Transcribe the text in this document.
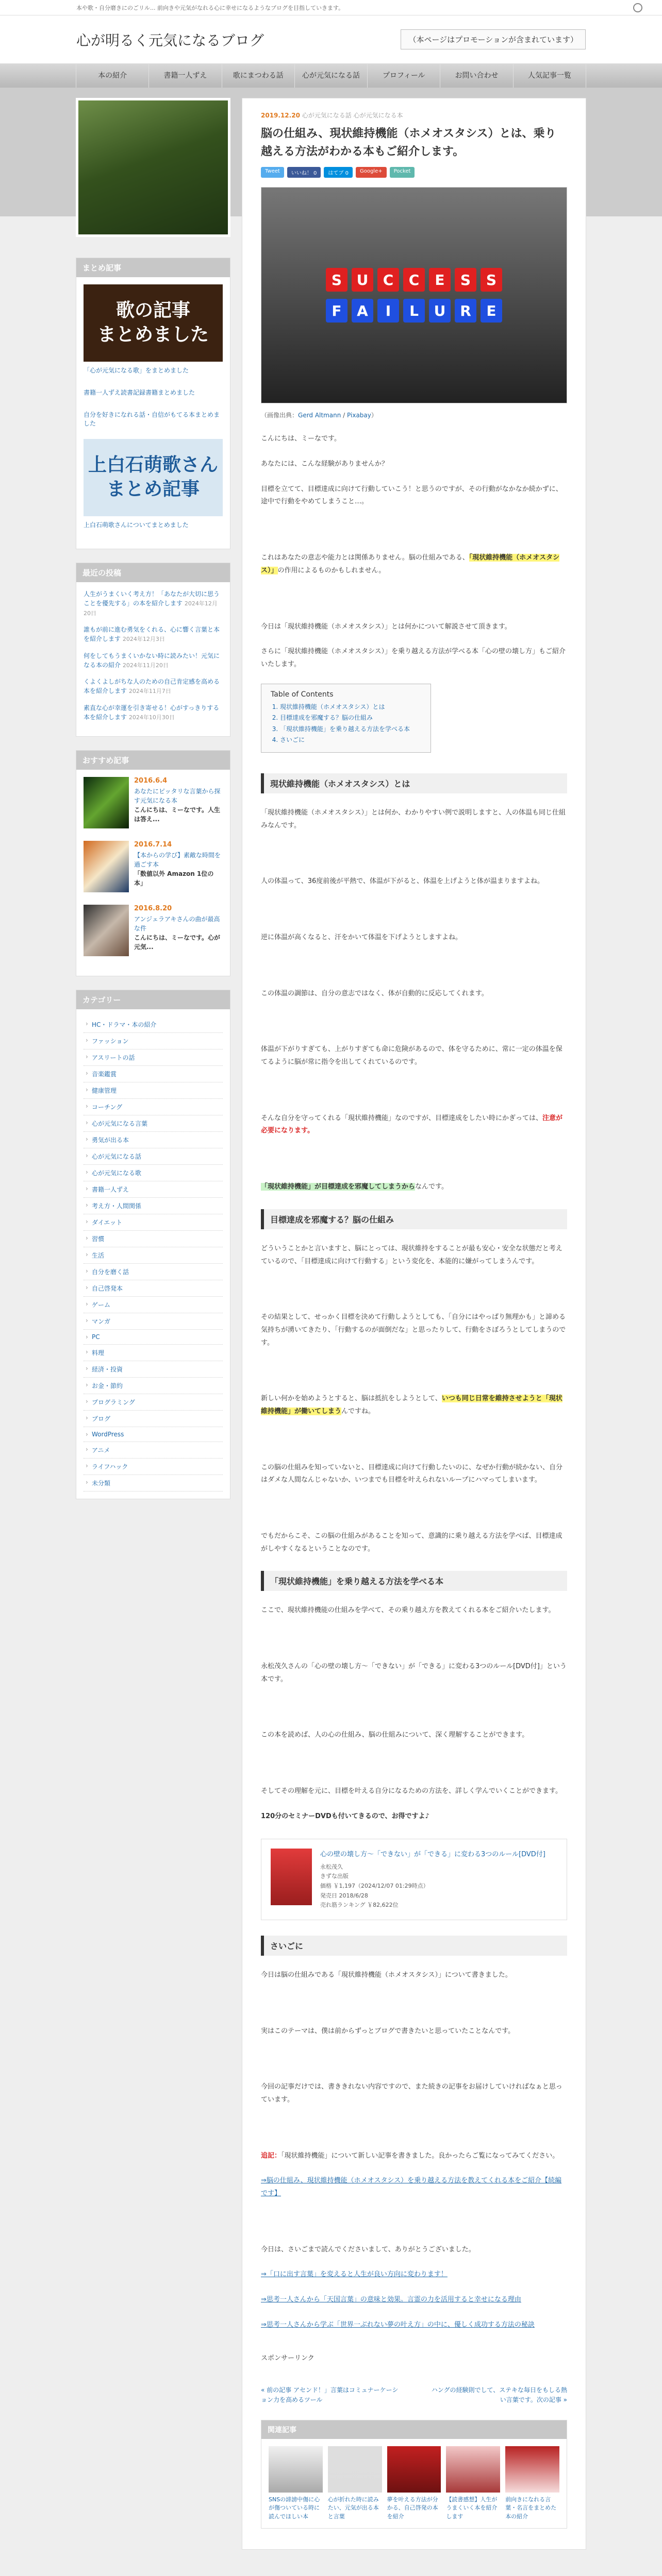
本や歌・自分磨きにのごリル... 前向きや元気がなれる心に幸せになるようなブログを目指していきます。
心が明るく元気になるブログ	（本ページはプロモーションが含まれています）
本の紹介	書籍一人ずえ	歌にまつわる話	心が元気になる話	プロフィール	お問い合わせ	人気記事一覧
まとめ記事
歌の記事
まとめました
「心が元気になる歌」をまとめました
書籍一人ずえ読書記録書籍まとめました
自分を好きになれる話・自信がもてる本まとめました
上白石萌歌さん
まとめ記事
上白石萌歌さんについてまとめました
最近の投稿
人生がうまくいく考え方！「あなたが大切に思うことを優先する」の本を紹介します 2024年12月20日
誰もが前に進む勇気をくれる、心に響く言葉と本を紹介します 2024年12月3日
何をしてもうまくいかない時に読みたい！元気になる本の紹介 2024年11月20日
くよくよしがちな人のための自己肯定感を高める本を紹介します 2024年11月7日
素直な心が幸運を引き寄せる！心がすっきりする本を紹介します 2024年10月30日
おすすめ記事
2016.6.4
あなたにピッタリな言葉から探す元気になる本
こんにちは、ミーなです。人生は答え...
2016.7.14
【本からの学び】素敵な時間を過ごす本
「数値以外 Amazon 1位の本」
2016.8.20
アンジェラアキさんの曲が最高な件
こんにちは、ミーなです。心が元気...
カテゴリー
› HC・ドラマ・本の紹介
› ファッション
› アスリートの話
› 音楽鑑賞
› 健康管理
› コーチング
› 心が元気になる言葉
› 勇気が出る本
› 心が元気になる話
› 心が元気になる歌
› 書籍一人ずえ
› 考え方・人間関係
› ダイエット
› 習慣
› 生活
› 自分を磨く話
› 自己啓発本
› ゲーム
› マンガ
› PC
› 料理
› 経済・投資
› お金・節約
› プログラミング
› ブログ
› WordPress
› アニメ
› ライフハック
› 未分類
2019.12.20 心が元気になる話 心が元気になる本
脳の仕組み、現状維持機能（ホメオスタシス）とは、乗り越える方法がわかる本もご紹介します。
Tweet	いいね！ 0	はてブ 0	Google+	Pocket
S	U	C	C	E	S	S
F	A	I	L	U R	E
（画像出典：Gerd Altmann / Pixabay）

こんにちは、ミーなです。

あなたには、こんな経験がありませんか？

目標を立てて、目標達成に向けて行動していこう！と思うのですが、その行動がなかなか続かずに、途中で行動をやめてしまうこと…。

これはあなたの意志や能力とは関係ありません。脳の仕組みである、「現状維持機能（ホメオスタシス）」の作用によるものかもしれません。

今日は「現状維持機能（ホメオスタシス）」とは何かについて解説させて頂きます。

さらに「現状維持機能（ホメオスタシス）」を乗り越える方法が学べる本「心の壁の壊し方」もご紹介いたします。

Table of Contents
1. 現状維持機能（ホメオスタシス）とは
2. 目標達成を邪魔する？脳の仕組み
3. 「現状維持機能」を乗り越える方法を学べる本
4. さいごに
現状維持機能（ホメオスタシス）とは

「現状維持機能（ホメオスタシス）」とは何か、わかりやすい例で説明しますと、人の体温も同じ仕組みなんです。

人の体温って、36度前後が平熱で、体温が下がると、体温を上げようと体が温まりますよね。

逆に体温が高くなると、汗をかいて体温を下げようとしますよね。

この体温の調節は、自分の意志ではなく、体が自動的に反応してくれます。

体温が下がりすぎても、上がりすぎても命に危険があるので、体を守るために、常に一定の体温を保てるように脳が常に指令を出してくれているのです。

そんな自分を守ってくれる「現状維持機能」なのですが、目標達成をしたい時にかぎっては、注意が必要になります。

「現状維持機能」が目標達成を邪魔してしまうからなんです。

目標達成を邪魔する？脳の仕組み

どういうことかと言いますと、脳にとっては、現状維持をすることが最も安心・安全な状態だと考えているので、「目標達成に向けて行動する」という変化を、本能的に嫌がってしまうんです。

その結果として、せっかく目標を決めて行動しようとしても、「自分にはやっぱり無理かも」と諦める気持ちが湧いてきたり、「行動するのが面倒だな」と思ったりして、行動をさぼろうとしてしまうのです。

新しい何かを始めようとすると、脳は抵抗をしようとして、いつも同じ日常を維持させようと「現状維持機能」が働いてしまうんですね。

この脳の仕組みを知っていないと、目標達成に向けて行動したいのに、なぜか行動が続かない、自分はダメな人間なんじゃないか、いつまでも目標を叶えられないループにハマってしまいます。

でもだからこそ、この脳の仕組みがあることを知って、意識的に乗り越える方法を学べば、目標達成がしやすくなるということなのです。

「現状維持機能」を乗り越える方法を学べる本

ここで、現状維持機能の仕組みを学べて、その乗り越え方を教えてくれる本をご紹介いたします。

永松茂久さんの「心の壁の壊し方〜「できない」が「できる」に変わる3つのルール[DVD付]」という本です。

この本を読めば、人の心の仕組み、脳の仕組みについて、深く理解することができます。

そしてその理解を元に、目標を叶える自分になるための方法を、詳しく学んでいくことができます。

120分のセミナーDVDも付いてきるので、お得ですよ♪

心の壁の壊し方〜「できない」が「できる」に変わる3つのルール[DVD付]
永松茂久
きずな出版
価格 ￥1,197（2024/12/07 01:29時点）
発売日 2018/6/28
売れ筋ランキング ￥82,622位
さいごに

今日は脳の仕組みである「現状維持機能（ホメオスタシス）」について書きました。

実はこのテーマは、僕は前からずっとブログで書きたいと思っていたことなんです。

今回の記事だけでは、書ききれない内容ですので、また続きの記事をお届けしていければなぁと思っています。

追記：「現状維持機能」について新しい記事を書きました。良かったらご覧になってみてください。

⇒脳の仕組み、現状維持機能（ホメオスタシス）を乗り越える方法を教えてくれる本をご紹介【続編です】

今日は、さいごまで読んでくださいまして、ありがとうございました。

⇒「口に出す言葉」を変えると人生が良い方向に変わります！

⇒思考一人さんから「天国言葉」の意味と効果。言霊の力を活用すると幸せになる理由

⇒思考一人さんから学ぶ「世界一ぶれない夢の叶え方」の中に、優しく成功する方法の秘訣

スポンサーリンク

« 前の記事 アセンド！」言葉はコミュナーケーション力を高めるツール
ハングの経験則でして、ステキな毎日をもしる熱い言葉です。次の記事 »
関連記事
SNSの誹謗中傷に心が傷ついている時に読んでほしい本
心が折れた時に読みたい、元気が出る本と言葉
夢を叶える方法が分かる、自己啓発の本を紹介
【読書感想】人生がうまくいく本を紹介します
前向きになれる言葉・名言をまとめた本の紹介
